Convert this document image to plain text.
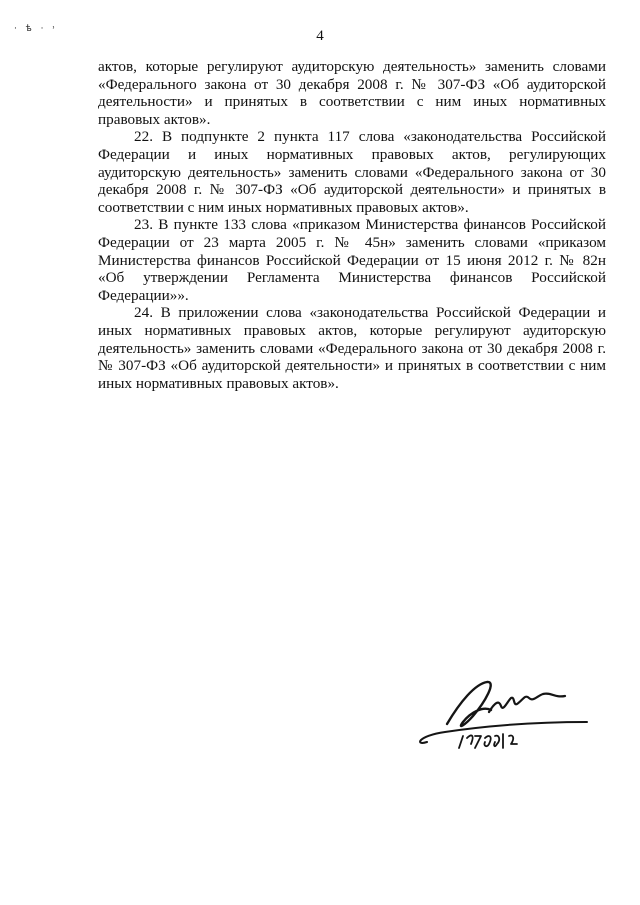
· ѣ · ˒	4

актов, которые регулируют аудиторскую деятельность» заменить словами «Федерального закона от 30 декабря 2008 г. № 307-ФЗ «Об аудиторской деятельности» и принятых в соответствии с ним иных нормативных правовых актов».

22. В подпункте 2 пункта 117 слова «законодательства Российской Федерации и иных нормативных правовых актов, регулирующих аудиторскую деятельность» заменить словами «Федерального закона от 30 декабря 2008 г. № 307-ФЗ «Об аудиторской деятельности» и принятых в соответствии с ним иных нормативных правовых актов».

23. В пункте 133 слова «приказом Министерства финансов Российской Федерации от 23 марта 2005 г. № 45н» заменить словами «приказом Министерства финансов Российской Федерации от 15 июня 2012 г. № 82н «Об утверждении Регламента Министерства финансов Российской Федерации»».

24. В приложении слова «законодательства Российской Федерации и иных нормативных правовых актов, которые регулируют аудиторскую деятельность» заменить словами «Федерального закона от 30 декабря 2008 г. № 307-ФЗ «Об аудиторской деятельности» и принятых в соответствии с ним иных нормативных правовых актов».
